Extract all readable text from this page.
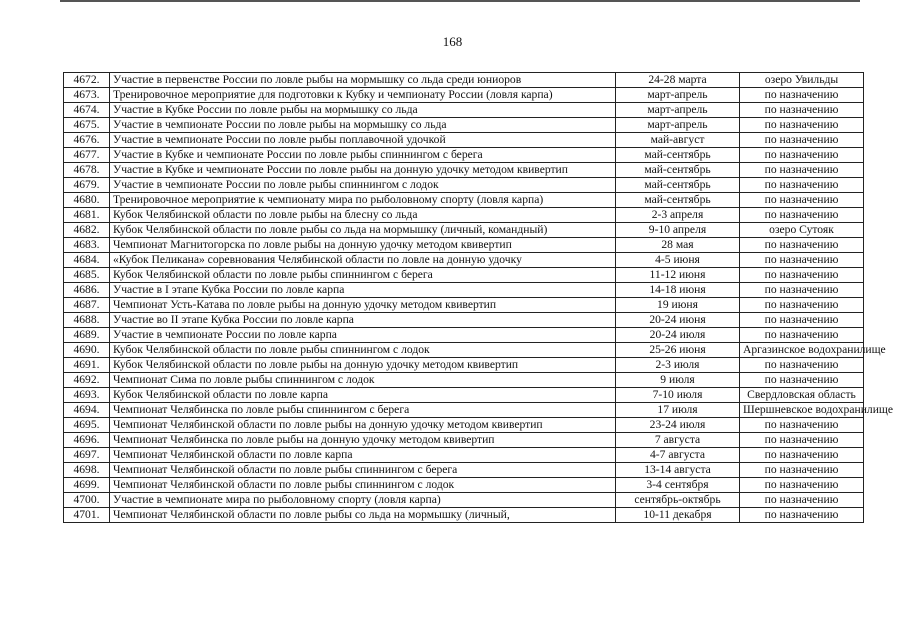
168
4672.	Участие в первенстве России по ловле рыбы на мормышку со льда среди юниоров	24-28 марта	озеро Увильды
4673.	Тренировочное мероприятие для подготовки к Кубку и чемпионату России (ловля карпа)	март-апрель	по назначению
4674.	Участие в Кубке России по ловле рыбы на мормышку со льда	март-апрель	по назначению
4675.	Участие в чемпионате России по ловле рыбы на мормышку со льда	март-апрель	по назначению
4676.	Участие в чемпионате России по ловле рыбы поплавочной удочкой	май-август	по назначению
4677.	Участие в Кубке и чемпионате России по ловле рыбы спиннингом с берега	май-сентябрь	по назначению
4678.	Участие в Кубке и чемпионате России по ловле рыбы на донную удочку методом квивертип	май-сентябрь	по назначению
4679.	Участие в чемпионате России по ловле рыбы спиннингом с лодок	май-сентябрь	по назначению
4680.	Тренировочное мероприятие к чемпионату мира по рыболовному спорту (ловля карпа)	май-сентябрь	по назначению
4681.	Кубок Челябинской области по ловле рыбы на блесну со льда	2-3 апреля	по назначению
4682.	Кубок Челябинской области по ловле рыбы со льда на мормышку (личный, командный)	9-10 апреля	озеро Сутояк
4683.	Чемпионат Магнитогорска по ловле рыбы на донную удочку методом квивертип	28 мая	по назначению
4684.	«Кубок Пеликана» соревнования Челябинской области по ловле на донную удочку	4-5 июня	по назначению
4685.	Кубок Челябинской области по ловле рыбы спиннингом с берега	11-12 июня	по назначению
4686.	Участие в I этапе Кубка России по ловле карпа	14-18 июня	по назначению
4687.	Чемпионат Усть-Катава по ловле рыбы на донную удочку методом квивертип	19 июня	по назначению
4688.	Участие во II этапе Кубка России по ловле карпа	20-24 июня	по назначению
4689.	Участие в чемпионате России по ловле карпа	20-24 июля	по назначению
4690.	Кубок Челябинской области по ловле рыбы спиннингом с лодок	25-26 июня	Аргазинское водохранилище
4691.	Кубок Челябинской области по ловле рыбы на донную удочку методом квивертип	2-3 июля	по назначению
4692.	Чемпионат Сима по ловле рыбы спиннингом с лодок	9 июля	по назначению
4693.	Кубок Челябинской области по ловле карпа	7-10 июля	Свердловская область
4694.	Чемпионат Челябинска по ловле рыбы спиннингом с берега	17 июля	Шершневское водохранилище
4695.	Чемпионат Челябинской области по ловле рыбы на донную удочку методом квивертип	23-24 июля	по назначению
4696.	Чемпионат Челябинска по ловле рыбы на донную удочку методом квивертип	7 августа	по назначению
4697.	Чемпионат Челябинской области по ловле карпа	4-7 августа	по назначению
4698.	Чемпионат Челябинской области по ловле рыбы спиннингом с берега	13-14 августа	по назначению
4699.	Чемпионат Челябинской области по ловле рыбы спиннингом с лодок	3-4 сентября	по назначению
4700.	Участие в чемпионате мира по рыболовному спорту (ловля карпа)	сентябрь-октябрь	по назначению
4701.	Чемпионат Челябинской области по ловле рыбы со льда на мормышку (личный,	10-11 декабря	по назначению
